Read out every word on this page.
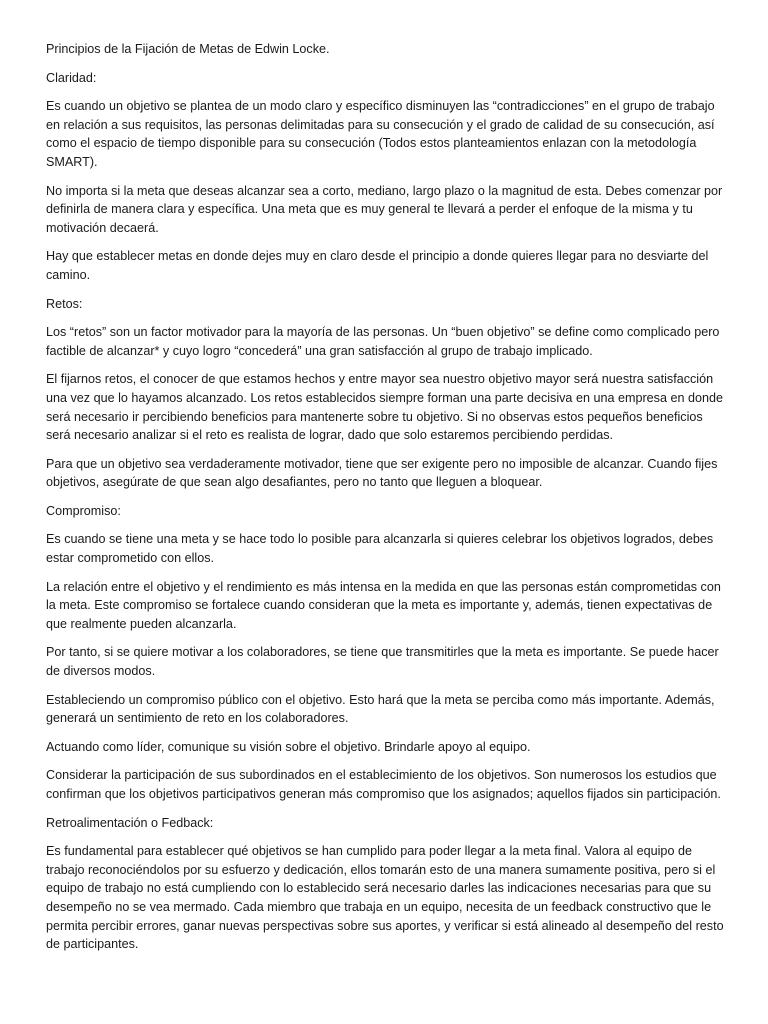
Principios de la Fijación de Metas de Edwin Locke.

Claridad:

Es cuando un objetivo se plantea de un modo claro y específico disminuyen las “contradicciones” en el grupo de trabajo en relación a sus requisitos, las personas delimitadas para su consecución y el grado de calidad de su consecución, así como el espacio de tiempo disponible para su consecución (Todos estos planteamientos enlazan con la metodología SMART).

No importa si la meta que deseas alcanzar sea a corto, mediano, largo plazo o la magnitud de esta. Debes comenzar por definirla de manera clara y específica. Una meta que es muy general te llevará a perder el enfoque de la misma y tu motivación decaerá.

Hay que establecer metas en donde dejes muy en claro desde el principio a donde quieres llegar para no desviarte del camino.

Retos:

Los “retos” son un factor motivador para la mayoría de las personas. Un “buen objetivo” se define como complicado pero factible de alcanzar* y cuyo logro “concederá” una gran satisfacción al grupo de trabajo implicado.

El fijarnos retos, el conocer de que estamos hechos y entre mayor sea nuestro objetivo mayor será nuestra satisfacción una vez que lo hayamos alcanzado. Los retos establecidos siempre forman una parte decisiva en una empresa en donde será necesario ir percibiendo beneficios para mantenerte sobre tu objetivo. Si no observas estos pequeños beneficios será necesario analizar si el reto es realista de lograr, dado que solo estaremos percibiendo perdidas.

Para que un objetivo sea verdaderamente motivador, tiene que ser exigente pero no imposible de alcanzar. Cuando fijes objetivos, asegúrate de que sean algo desafiantes, pero no tanto que lleguen a bloquear.

Compromiso:

Es cuando se tiene una meta y se hace todo lo posible para alcanzarla si quieres celebrar los objetivos logrados, debes estar comprometido con ellos.

La relación entre el objetivo y el rendimiento es más intensa en la medida en que las personas están comprometidas con la meta. Este compromiso se fortalece cuando consideran que la meta es importante y, además, tienen expectativas de que realmente pueden alcanzarla.

Por tanto, si se quiere motivar a los colaboradores, se tiene que transmitirles que la meta es importante. Se puede hacer de diversos modos.

Estableciendo un compromiso público con el objetivo. Esto hará que la meta se perciba como más importante. Además, generará un sentimiento de reto en los colaboradores.

Actuando como líder, comunique su visión sobre el objetivo. Brindarle apoyo al equipo.

Considerar la participación de sus subordinados en el establecimiento de los objetivos. Son numerosos los estudios que confirman que los objetivos participativos generan más compromiso que los asignados; aquellos fijados sin participación.

Retroalimentación o Fedback:

Es fundamental para establecer qué objetivos se han cumplido para poder llegar a la meta final. Valora al equipo de trabajo reconociéndolos por su esfuerzo y dedicación, ellos tomarán esto de una manera sumamente positiva, pero si el equipo de trabajo no está cumpliendo con lo establecido será necesario darles las indicaciones necesarias para que su desempeño no se vea mermado. Cada miembro que trabaja en un equipo, necesita de un feedback constructivo que le permita percibir errores, ganar nuevas perspectivas sobre sus aportes, y verificar si está alineado al desempeño del resto de participantes.
